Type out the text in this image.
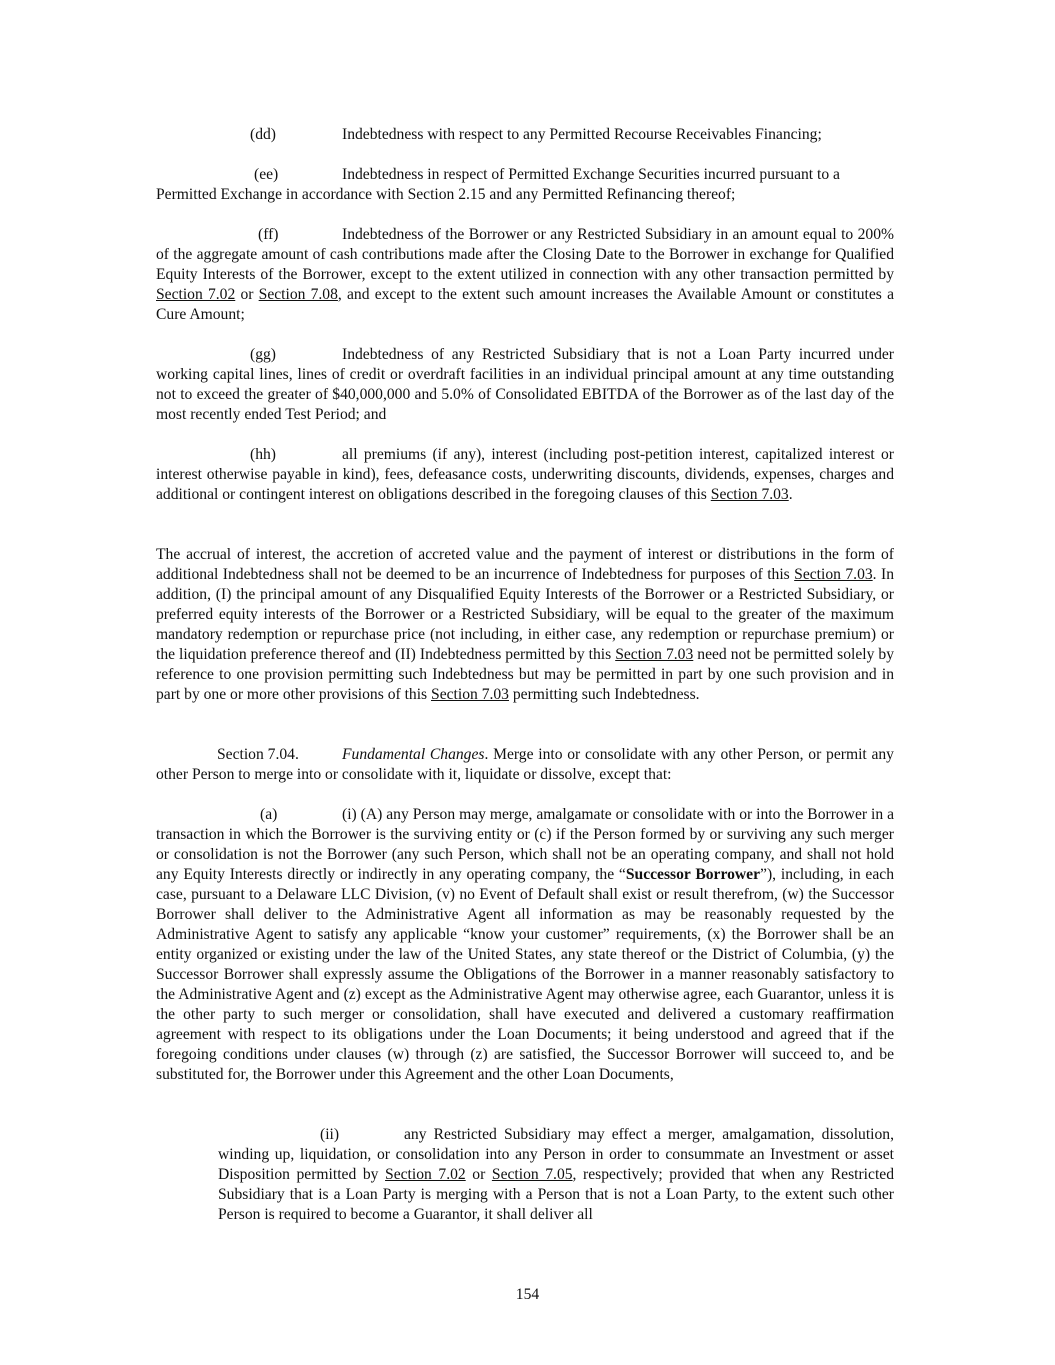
(dd)	Indebtedness with respect to any Permitted Recourse Receivables Financing;

(ee)	Indebtedness in respect of Permitted Exchange Securities incurred pursuant to a

Permitted Exchange in accordance with Section 2.15 and any Permitted Refinancing thereof;

(ff)	Indebtedness of the Borrower or any Restricted Subsidiary in an amount equal to 200% of the aggregate amount of cash contributions made after the Closing Date to the Borrower in exchange for Qualified Equity Interests of the Borrower, except to the extent utilized in connection with any other transaction permitted by Section 7.02 or Section 7.08, and except to the extent such amount increases the Available Amount or constitutes a Cure Amount;

(gg)	Indebtedness of any Restricted Subsidiary that is not a Loan Party incurred under working capital lines, lines of credit or overdraft facilities in an individual principal amount at any time outstanding not to exceed the greater of $40,000,000 and 5.0% of Consolidated EBITDA of the Borrower as of the last day of the most recently ended Test Period; and

(hh)	all premiums (if any), interest (including post-petition interest, capitalized interest or interest otherwise payable in kind), fees, defeasance costs, underwriting discounts, dividends, expenses, charges and additional or contingent interest on obligations described in the foregoing clauses of this Section 7.03.

The accrual of interest, the accretion of accreted value and the payment of interest or distributions in the form of additional Indebtedness shall not be deemed to be an incurrence of Indebtedness for purposes of this Section 7.03. In addition, (I) the principal amount of any Disqualified Equity Interests of the Borrower or a Restricted Subsidiary, or preferred equity interests of the Borrower or a Restricted Subsidiary, will be equal to the greater of the maximum mandatory redemption or repurchase price (not including, in either case, any redemption or repurchase premium) or the liquidation preference thereof and (II) Indebtedness permitted by this Section 7.03 need not be permitted solely by reference to one provision permitting such Indebtedness but may be permitted in part by one such provision and in part by one or more other provisions of this Section 7.03 permitting such Indebtedness.

Section 7.04.	Fundamental Changes. Merge into or consolidate with any other Person, or permit any other Person to merge into or consolidate with it, liquidate or dissolve, except that:

(a)	(i) (A) any Person may merge, amalgamate or consolidate with or into the Borrower in a transaction in which the Borrower is the surviving entity or (c) if the Person formed by or surviving any such merger or consolidation is not the Borrower (any such Person, which shall not be an operating company, and shall not hold any Equity Interests directly or indirectly in any operating company, the “Successor Borrower”), including, in each case, pursuant to a Delaware LLC Division, (v) no Event of Default shall exist or result therefrom, (w) the Successor Borrower shall deliver to the Administrative Agent all information as may be reasonably requested by the Administrative Agent to satisfy any applicable “know your customer” requirements, (x) the Borrower shall be an entity organized or existing under the law of the United States, any state thereof or the District of Columbia, (y) the Successor Borrower shall expressly assume the Obligations of the Borrower in a manner reasonably satisfactory to the Administrative Agent and (z) except as the Administrative Agent may otherwise agree, each Guarantor, unless it is the other party to such merger or consolidation, shall have executed and delivered a customary reaffirmation agreement with respect to its obligations under the Loan Documents; it being understood and agreed that if the foregoing conditions under clauses (w) through (z) are satisfied, the Successor Borrower will succeed to, and be substituted for, the Borrower under this Agreement and the other Loan Documents,

(ii)	any Restricted Subsidiary may effect a merger, amalgamation, dissolution, winding up, liquidation, or consolidation into any Person in order to consummate an Investment or asset Disposition permitted by Section 7.02 or Section 7.05, respectively; provided that when any Restricted Subsidiary that is a Loan Party is merging with a Person that is not a Loan Party, to the extent such other Person is required to become a Guarantor, it shall deliver all

154
